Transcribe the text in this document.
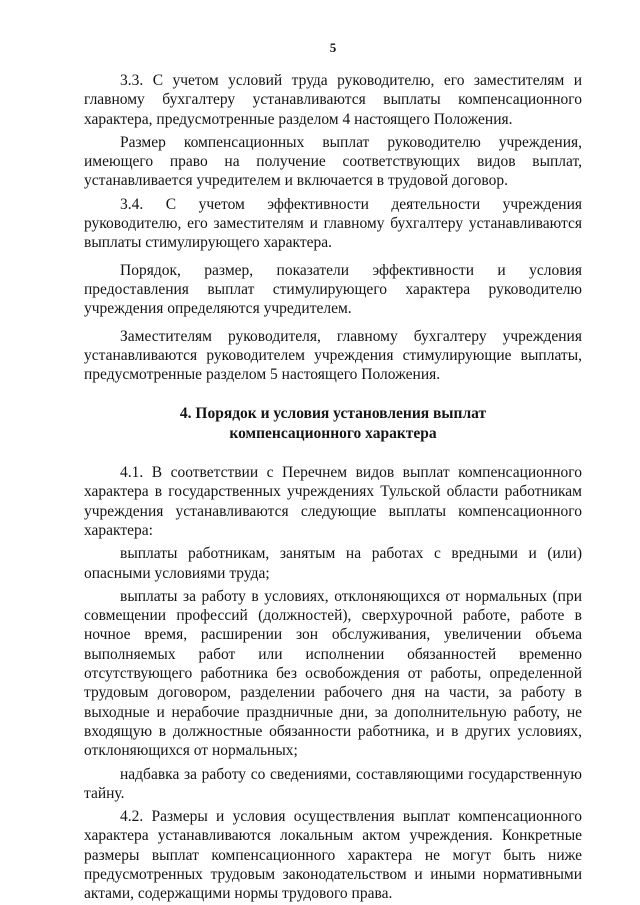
5

3.3. С учетом условий труда руководителю, его заместителям и главному бухгалтеру устанавливаются выплаты компенсационного характера, предусмотренные разделом 4 настоящего Положения.

Размер компенсационных выплат руководителю учреждения, имеющего право на получение соответствующих видов выплат, устанавливается учредителем и включается в трудовой договор.

3.4. С учетом эффективности деятельности учреждения руководителю, его заместителям и главному бухгалтеру устанавливаются выплаты стимулирующего характера.

Порядок, размер, показатели эффективности и условия предоставления выплат стимулирующего характера руководителю учреждения определяются учредителем.

Заместителям руководителя, главному бухгалтеру учреждения устанавливаются руководителем учреждения стимулирующие выплаты, предусмотренные разделом 5 настоящего Положения.

4. Порядок и условия установления выплат
компенсационного характера

4.1. В соответствии с Перечнем видов выплат компенсационного характера в государственных учреждениях Тульской области работникам учреждения устанавливаются следующие выплаты компенсационного характера:

выплаты работникам, занятым на работах с вредными и (или) опасными условиями труда;

выплаты за работу в условиях, отклоняющихся от нормальных (при совмещении профессий (должностей), сверхурочной работе, работе в ночное время, расширении зон обслуживания, увеличении объема выполняемых работ или исполнении обязанностей временно отсутствующего работника без освобождения от работы, определенной трудовым договором, разделении рабочего дня на части, за работу в выходные и нерабочие праздничные дни, за дополнительную работу, не входящую в должностные обязанности работника, и в других условиях, отклоняющихся от нормальных;

надбавка за работу со сведениями, составляющими государственную тайну.

4.2. Размеры и условия осуществления выплат компенсационного характера устанавливаются локальным актом учреждения. Конкретные размеры выплат компенсационного характера не могут быть ниже предусмотренных трудовым законодательством и иными нормативными актами, содержащими нормы трудового права.
